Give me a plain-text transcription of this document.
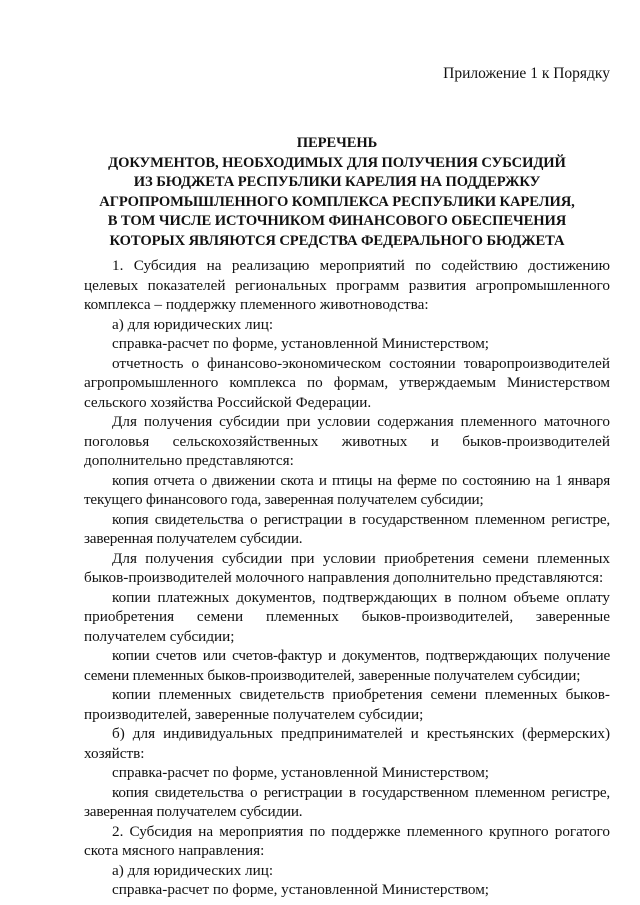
Приложение 1 к Порядку
ПЕРЕЧЕНЬ
ДОКУМЕНТОВ, НЕОБХОДИМЫХ ДЛЯ ПОЛУЧЕНИЯ СУБСИДИЙ
ИЗ БЮДЖЕТА РЕСПУБЛИКИ КАРЕЛИЯ НА ПОДДЕРЖКУ
АГРОПРОМЫШЛЕННОГО КОМПЛЕКСА РЕСПУБЛИКИ КАРЕЛИЯ,
В ТОМ ЧИСЛЕ ИСТОЧНИКОМ ФИНАНСОВОГО ОБЕСПЕЧЕНИЯ
КОТОРЫХ ЯВЛЯЮТСЯ СРЕДСТВА ФЕДЕРАЛЬНОГО БЮДЖЕТА

1. Субсидия на реализацию мероприятий по содействию достижению целевых показателей региональных программ развития агропромышленного комплекса – поддержку племенного животноводства:

а) для юридических лиц:

справка-расчет по форме, установленной Министерством;

отчетность о финансово-экономическом состоянии товаропроизводителей агропромышленного комплекса по формам, утверждаемым Министерством сельского хозяйства Российской Федерации.

Для получения субсидии при условии содержания племенного маточного поголовья сельскохозяйственных животных и быков-производителей дополнительно представляются:

копия отчета о движении скота и птицы на ферме по состоянию на 1 января текущего финансового года, заверенная получателем субсидии;

копия свидетельства о регистрации в государственном племенном регистре, заверенная получателем субсидии.

Для получения субсидии при условии приобретения семени племенных быков-производителей молочного направления дополнительно представляются:

копии платежных документов, подтверждающих в полном объеме оплату приобретения семени племенных быков-производителей, заверенные получателем субсидии;

копии счетов или счетов-фактур и документов, подтверждающих получение семени племенных быков-производителей, заверенные получателем субсидии;

копии племенных свидетельств приобретения семени племенных быков-производителей, заверенные получателем субсидии;

б) для индивидуальных предпринимателей и крестьянских (фермерских) хозяйств:

справка-расчет по форме, установленной Министерством;

копия свидетельства о регистрации в государственном племенном регистре, заверенная получателем субсидии.

2. Субсидия на мероприятия по поддержке племенного крупного рогатого скота мясного направления:

а) для юридических лиц:

справка-расчет по форме, установленной Министерством;
